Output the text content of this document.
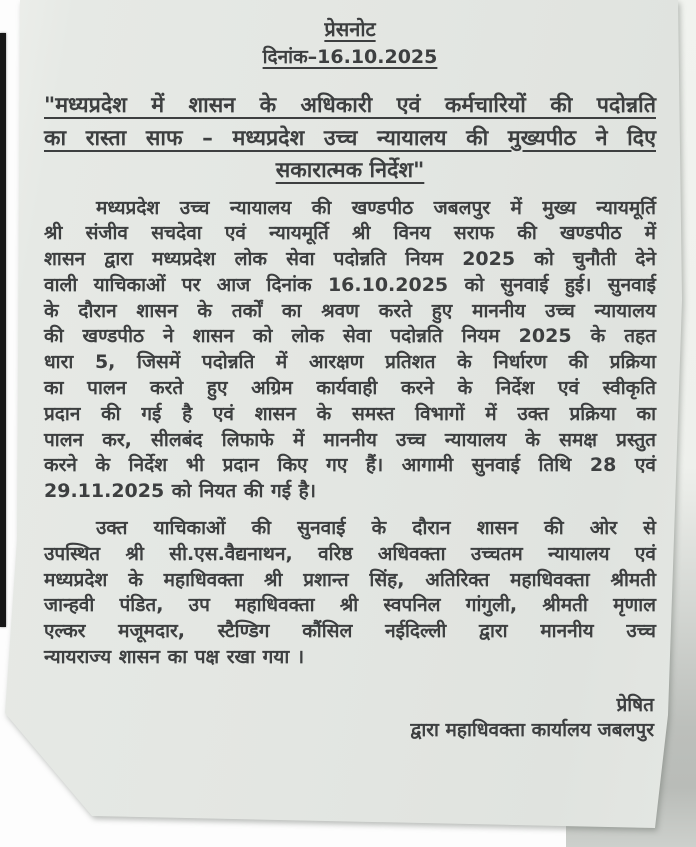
प्रेसनोट
दिनांक–16.10.2025
"मध्यप्रदेश में शासन के अधिकारी एवं कर्मचारियों की पदोन्नति
का रास्ता साफ – मध्यप्रदेश उच्च न्यायालय की मुख्यपीठ ने दिए
सकारात्मक निर्देश"
मध्यप्रदेश उच्च न्यायालय की खण्डपीठ जबलपुर में मुख्य न्यायमूर्ति
श्री संजीव सचदेवा एवं न्यायमूर्ति श्री विनय सराफ की खण्डपीठ में
शासन द्वारा मध्यप्रदेश लोक सेवा पदोन्नति नियम 2025 को चुनौती देने
वाली याचिकाओं पर आज दिनांक 16.10.2025 को सुनवाई हुई। सुनवाई
के दौरान शासन के तर्कों का श्रवण करते हुए माननीय उच्च न्यायालय
की खण्डपीठ ने शासन को लोक सेवा पदोन्नति नियम 2025 के तहत
धारा 5, जिसमें पदोन्नति में आरक्षण प्रतिशत के निर्धारण की प्रक्रिया
का पालन करते हुए अग्रिम कार्यवाही करने के निर्देश एवं स्वीकृति
प्रदान की गई है एवं शासन के समस्त विभागों में उक्त प्रक्रिया का
पालन कर, सीलबंद लिफाफे में माननीय उच्च न्यायालय के समक्ष प्रस्तुत
करने के निर्देश भी प्रदान किए गए हैं। आगामी सुनवाई तिथि 28 एवं
29.11.2025 को नियत की गई है।
उक्त याचिकाओं की सुनवाई के दौरान शासन की ओर से
उपस्थित श्री सी.एस.वैद्यनाथन, वरिष्ठ अधिवक्ता उच्चतम न्यायालय एवं
मध्यप्रदेश के महाधिवक्ता श्री प्रशान्त सिंह, अतिरिक्त महाधिवक्ता श्रीमती
जान्हवी पंडित, उप महाधिवक्ता श्री स्वपनिल गांगुली, श्रीमती मृणाल
एल्कर मजूमदार, स्टैण्डिग कौंसिल नईदिल्ली द्वारा माननीय उच्च
न्यायराज्य शासन का पक्ष रखा गया ।
प्रेषित
द्वारा महाधिवक्ता कार्यालय जबलपुर
